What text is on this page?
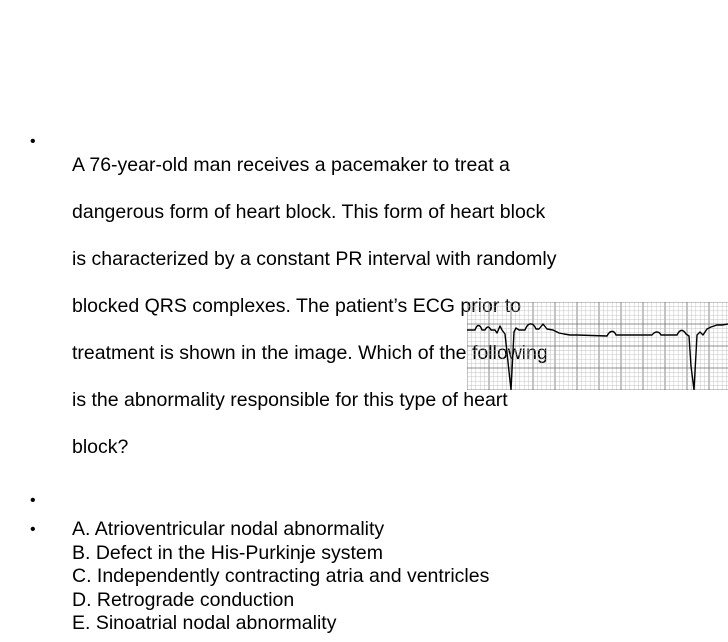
•

A 76-year-old man receives a pacemaker to treat a

dangerous form of heart block. This form of heart block

is characterized by a constant PR interval with randomly

blocked QRS complexes. The patient’s ECG prior to

treatment is shown in the image. Which of the following

is the abnormality responsible for this type of heart

block?

•
•	A. Atrioventricular nodal abnormality
B. Defect in the His-Purkinje system
C. Independently contracting atria and ventricles
D. Retrograde conduction
E. Sinoatrial nodal abnormality
